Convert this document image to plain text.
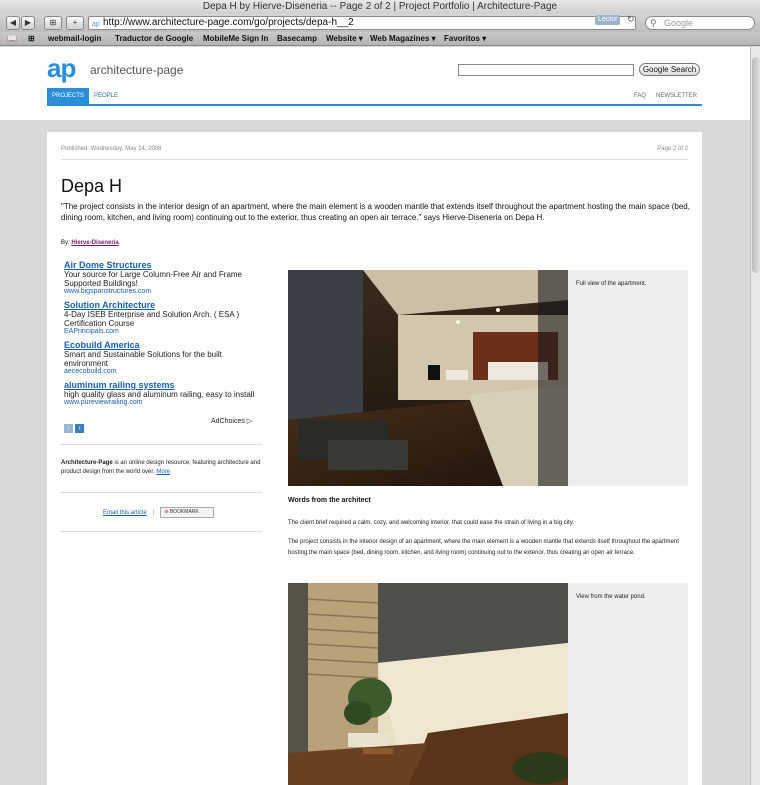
Depa H by Hierve-Diseneria -- Page 2 of 2 | Project Portfolio | Architecture-Page
◀	▶	⊞	+	ap http://www.architecture-page.com/go/projects/depa-h__2	Lector	↻ ⚲ Google
📖 ⊞ webmail-login Traductor de Google MobileMe Sign In Basecamp Website ▾ Web Magazines ▾ Favoritos ▾
ap architecture-page	Google Search
PROJECTS	PEOPLE	FAQ	NEWSLETTER
Published: Wednesday, May 14, 2008	Page 2 of 2
Depa H
"The project consists in the interior design of an apartment, where the main element is a wooden mantle that extends itself throughout the apartment hosting the main space (bed, dining room, kitchen, and living room) continuing out to the exterior, thus creating an open air terrace." says Hierve-Diseneria on Depa H.
By: Hierve-Diseneria
Air Dome Structures
Your source for Large Column-Free Air and Frame Supported Buildings!
www.bigspanstructures.com
Solution Architecture
4-Day ISEB Enterprise and Solution Arch. ( ESA ) Certification Course
EAPrincipals.com
Ecobuild America
Smart and Sustainable Solutions for the built environment
aececobuild.com
aluminum railing systems
high quality glass and aluminum railing, easy to install
www.pureviewrailing.com
‹ ›
AdChoices ▷
Architecture-Page is an online design resource, featuring architecture and product design from the world over. More
Email this article | ⊕ BOOKMARK
Full view of the apartment.
Words from the architect
The client brief required a calm, cozy, and welcoming interior, that could ease the strain of living in a big city.
The project consists in the interior design of an apartment, where the main element is a wooden mantle that extends itself throughout the apartment hosting the main space (bed, dining room, kitchen, and living room) continuing out to the exterior, thus creating an open air terrace.
View from the water pond.
